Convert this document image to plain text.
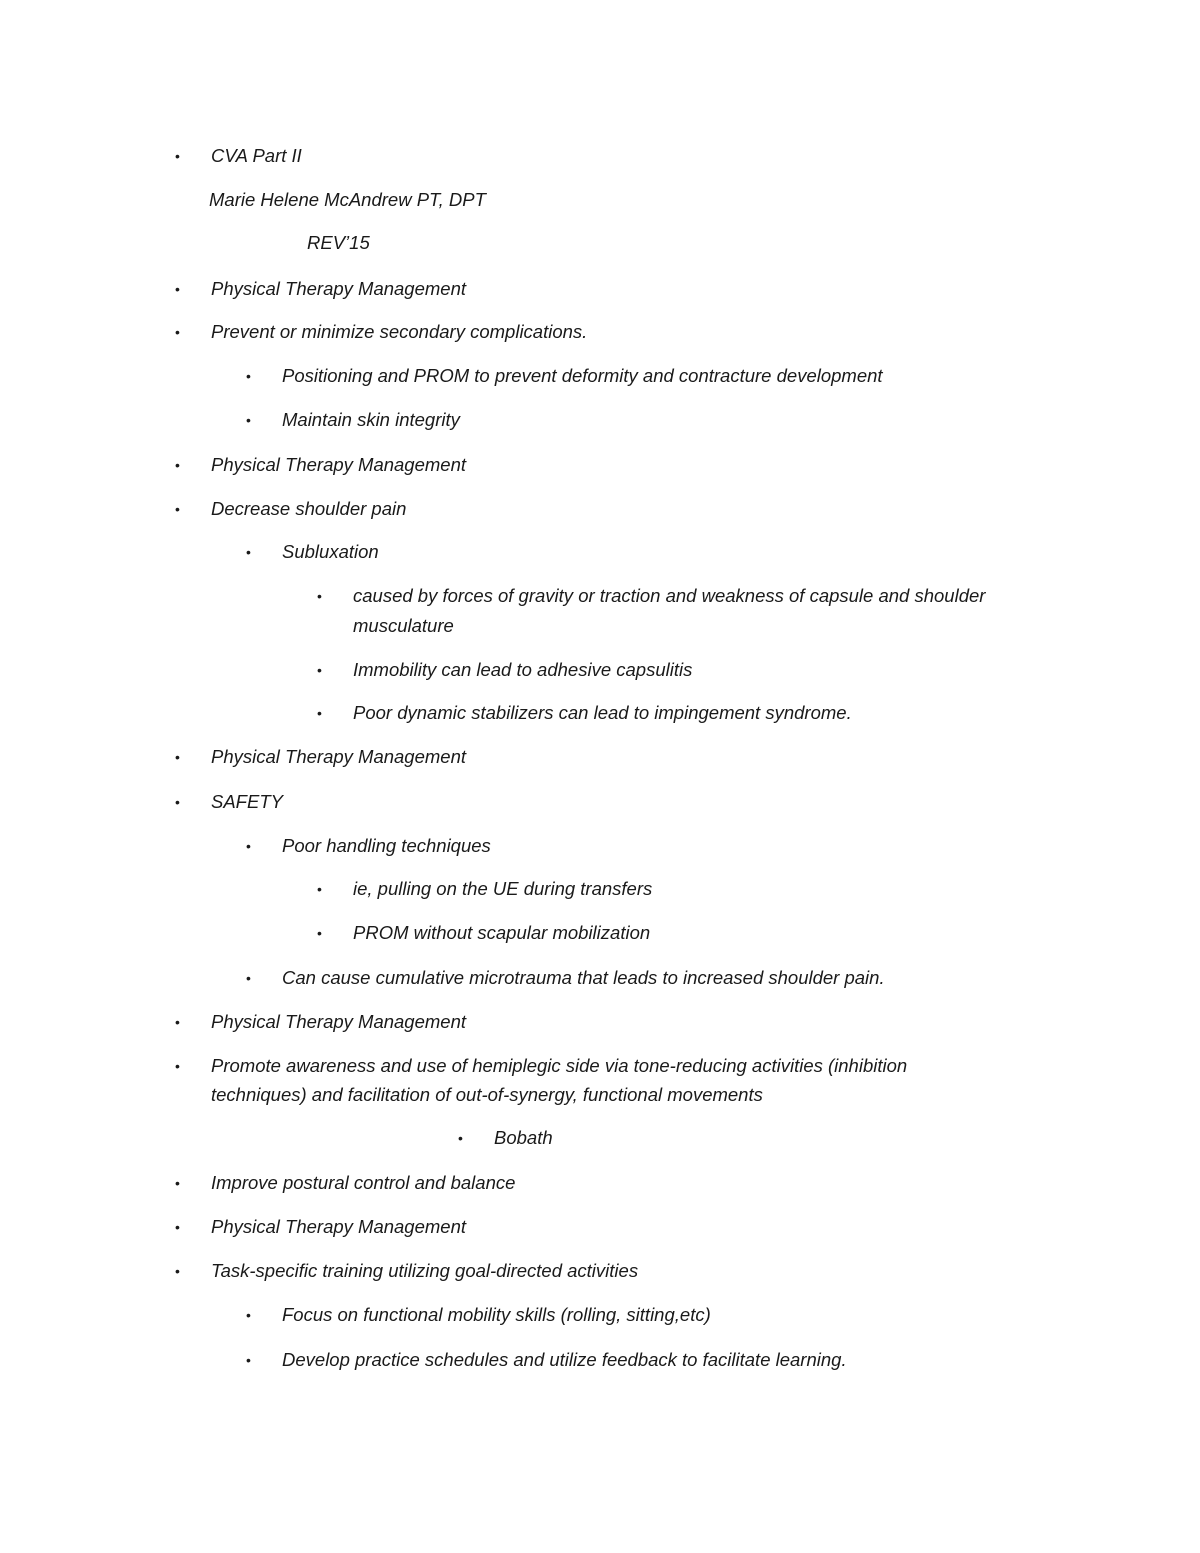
• CVA Part II
Marie Helene McAndrew PT, DPT
REV’15
• Physical Therapy Management
• Prevent or minimize secondary complications.
• Positioning and PROM to prevent deformity and contracture development
• Maintain skin integrity
• Physical Therapy Management
• Decrease shoulder pain
• Subluxation
• caused by forces of gravity or traction and weakness of capsule and shoulder
musculature
• Immobility can lead to adhesive capsulitis
• Poor dynamic stabilizers can lead to impingement syndrome.
• Physical Therapy Management
• SAFETY
• Poor handling techniques
• ie, pulling on the UE during transfers
• PROM without scapular mobilization
• Can cause cumulative microtrauma that leads to increased shoulder pain.
• Physical Therapy Management
• Promote awareness and use of hemiplegic side via tone-reducing activities (inhibition
techniques) and facilitation of out-of-synergy, functional movements
• Bobath
• Improve postural control and balance
• Physical Therapy Management
• Task-specific training utilizing goal-directed activities
• Focus on functional mobility skills (rolling, sitting,etc)
• Develop practice schedules and utilize feedback to facilitate learning.
